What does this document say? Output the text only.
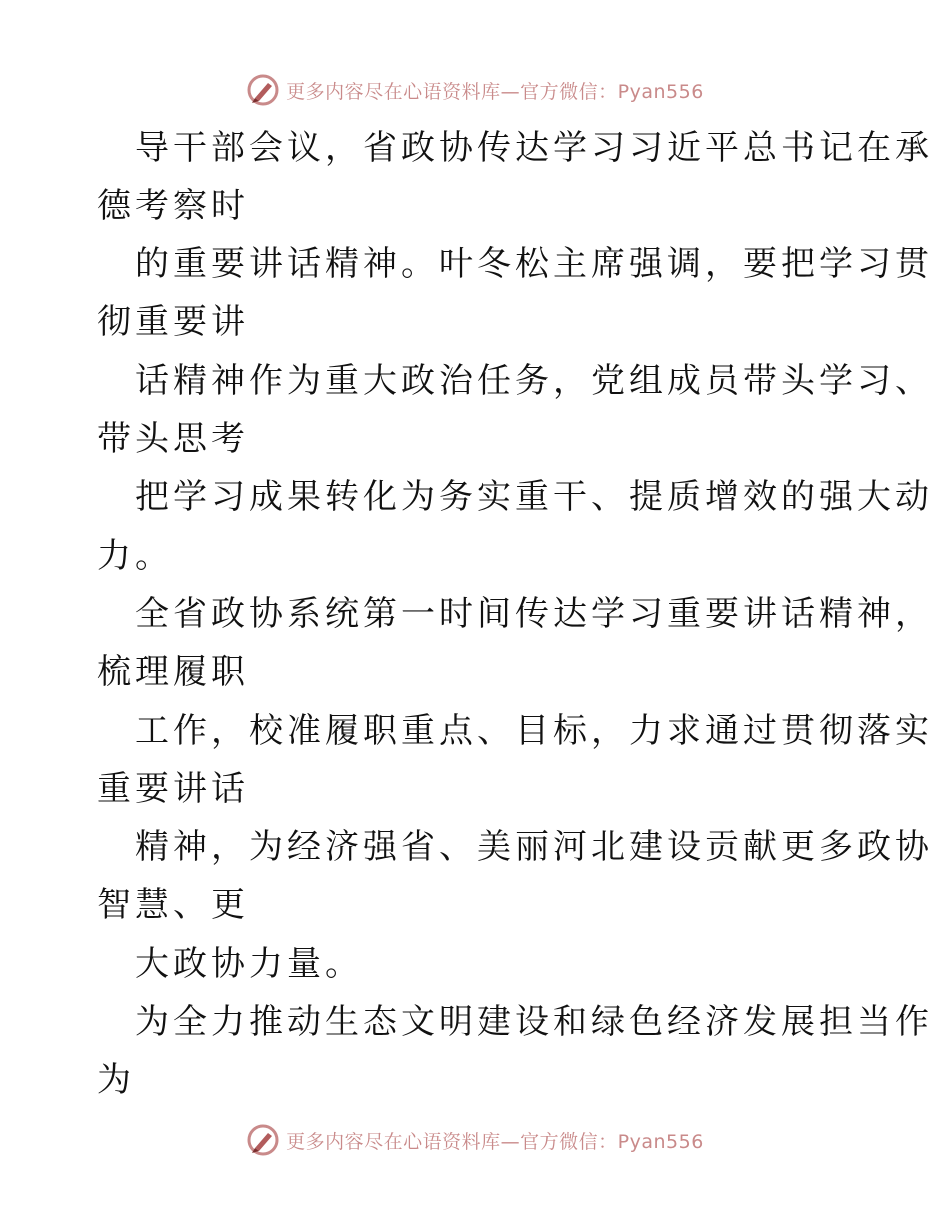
更多内容尽在心语资料库—官方微信：Pyan556
导干部会议，省政协传达学习习近平总书记在承
德考察时
的重要讲话精神。叶冬松主席强调，要把学习贯
彻重要讲
话精神作为重大政治任务，党组成员带头学习、
带头思考
把学习成果转化为务实重干、提质增效的强大动
力。
全省政协系统第一时间传达学习重要讲话精神，
梳理履职
工作，校准履职重点、目标，力求通过贯彻落实
重要讲话
精神，为经济强省、美丽河北建设贡献更多政协
智慧、更
大政协力量。
为全力推动生态文明建设和绿色经济发展担当作
为
更多内容尽在心语资料库—官方微信：Pyan556
